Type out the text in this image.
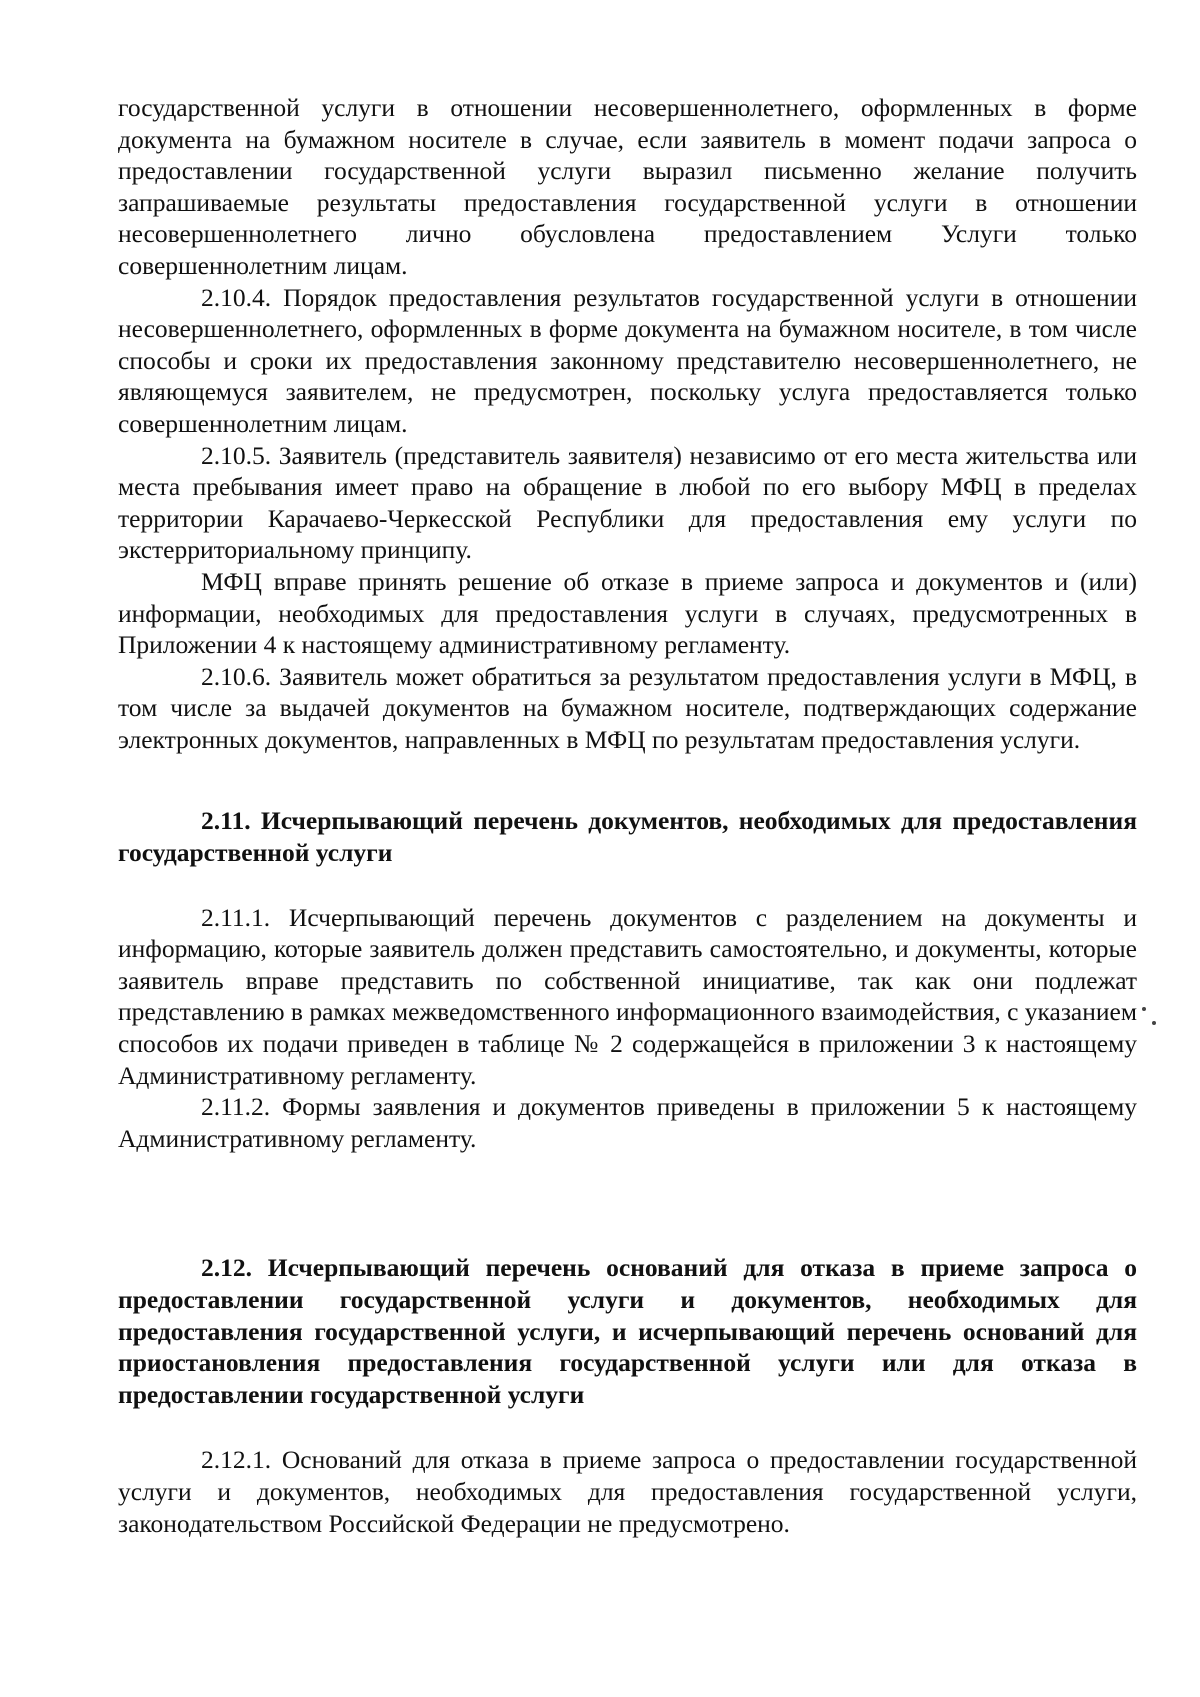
государственной услуги в отношении несовершеннолетнего, оформленных в форме документа на бумажном носителе в случае, если заявитель в момент подачи запроса о предоставлении государственной услуги выразил письменно желание получить запрашиваемые результаты предоставления государственной услуги в отношении несовершеннолетнего лично обусловлена предоставлением Услуги только совершеннолетним лицам.

2.10.4. Порядок предоставления результатов государственной услуги в отношении несовершеннолетнего, оформленных в форме документа на бумажном носителе, в том числе способы и сроки их предоставления законному представителю несовершеннолетнего, не являющемуся заявителем, не предусмотрен, поскольку услуга предоставляется только совершеннолетним лицам.

2.10.5. Заявитель (представитель заявителя) независимо от его места жительства или места пребывания имеет право на обращение в любой по его выбору МФЦ в пределах территории Карачаево-Черкесской Республики для предоставления ему услуги по экстерриториальному принципу.

МФЦ вправе принять решение об отказе в приеме запроса и документов и (или) информации, необходимых для предоставления услуги в случаях, предусмотренных в Приложении 4 к настоящему административному регламенту.

2.10.6. Заявитель может обратиться за результатом предоставления услуги в МФЦ, в том числе за выдачей документов на бумажном носителе, подтверждающих содержание электронных документов, направленных в МФЦ по результатам предоставления услуги.

2.11. Исчерпывающий перечень документов, необходимых для предоставления государственной услуги

2.11.1. Исчерпывающий перечень документов с разделением на документы и информацию, которые заявитель должен представить самостоятельно, и документы, которые заявитель вправе представить по собственной инициативе, так как они подлежат представлению в рамках межведомственного информационного взаимодействия, с указанием способов их подачи приведен в таблице № 2 содержащейся в приложении 3 к настоящему Административному регламенту.

2.11.2. Формы заявления и документов приведены в приложении 5 к настоящему Административному регламенту.

2.12. Исчерпывающий перечень оснований для отказа в приеме запроса о предоставлении государственной услуги и документов, необходимых для предоставления государственной услуги, и исчерпывающий перечень оснований для приостановления предоставления государственной услуги или для отказа в предоставлении государственной услуги

2.12.1. Оснований для отказа в приеме запроса о предоставлении государственной услуги и документов, необходимых для предоставления государственной услуги, законодательством Российской Федерации не предусмотрено.
